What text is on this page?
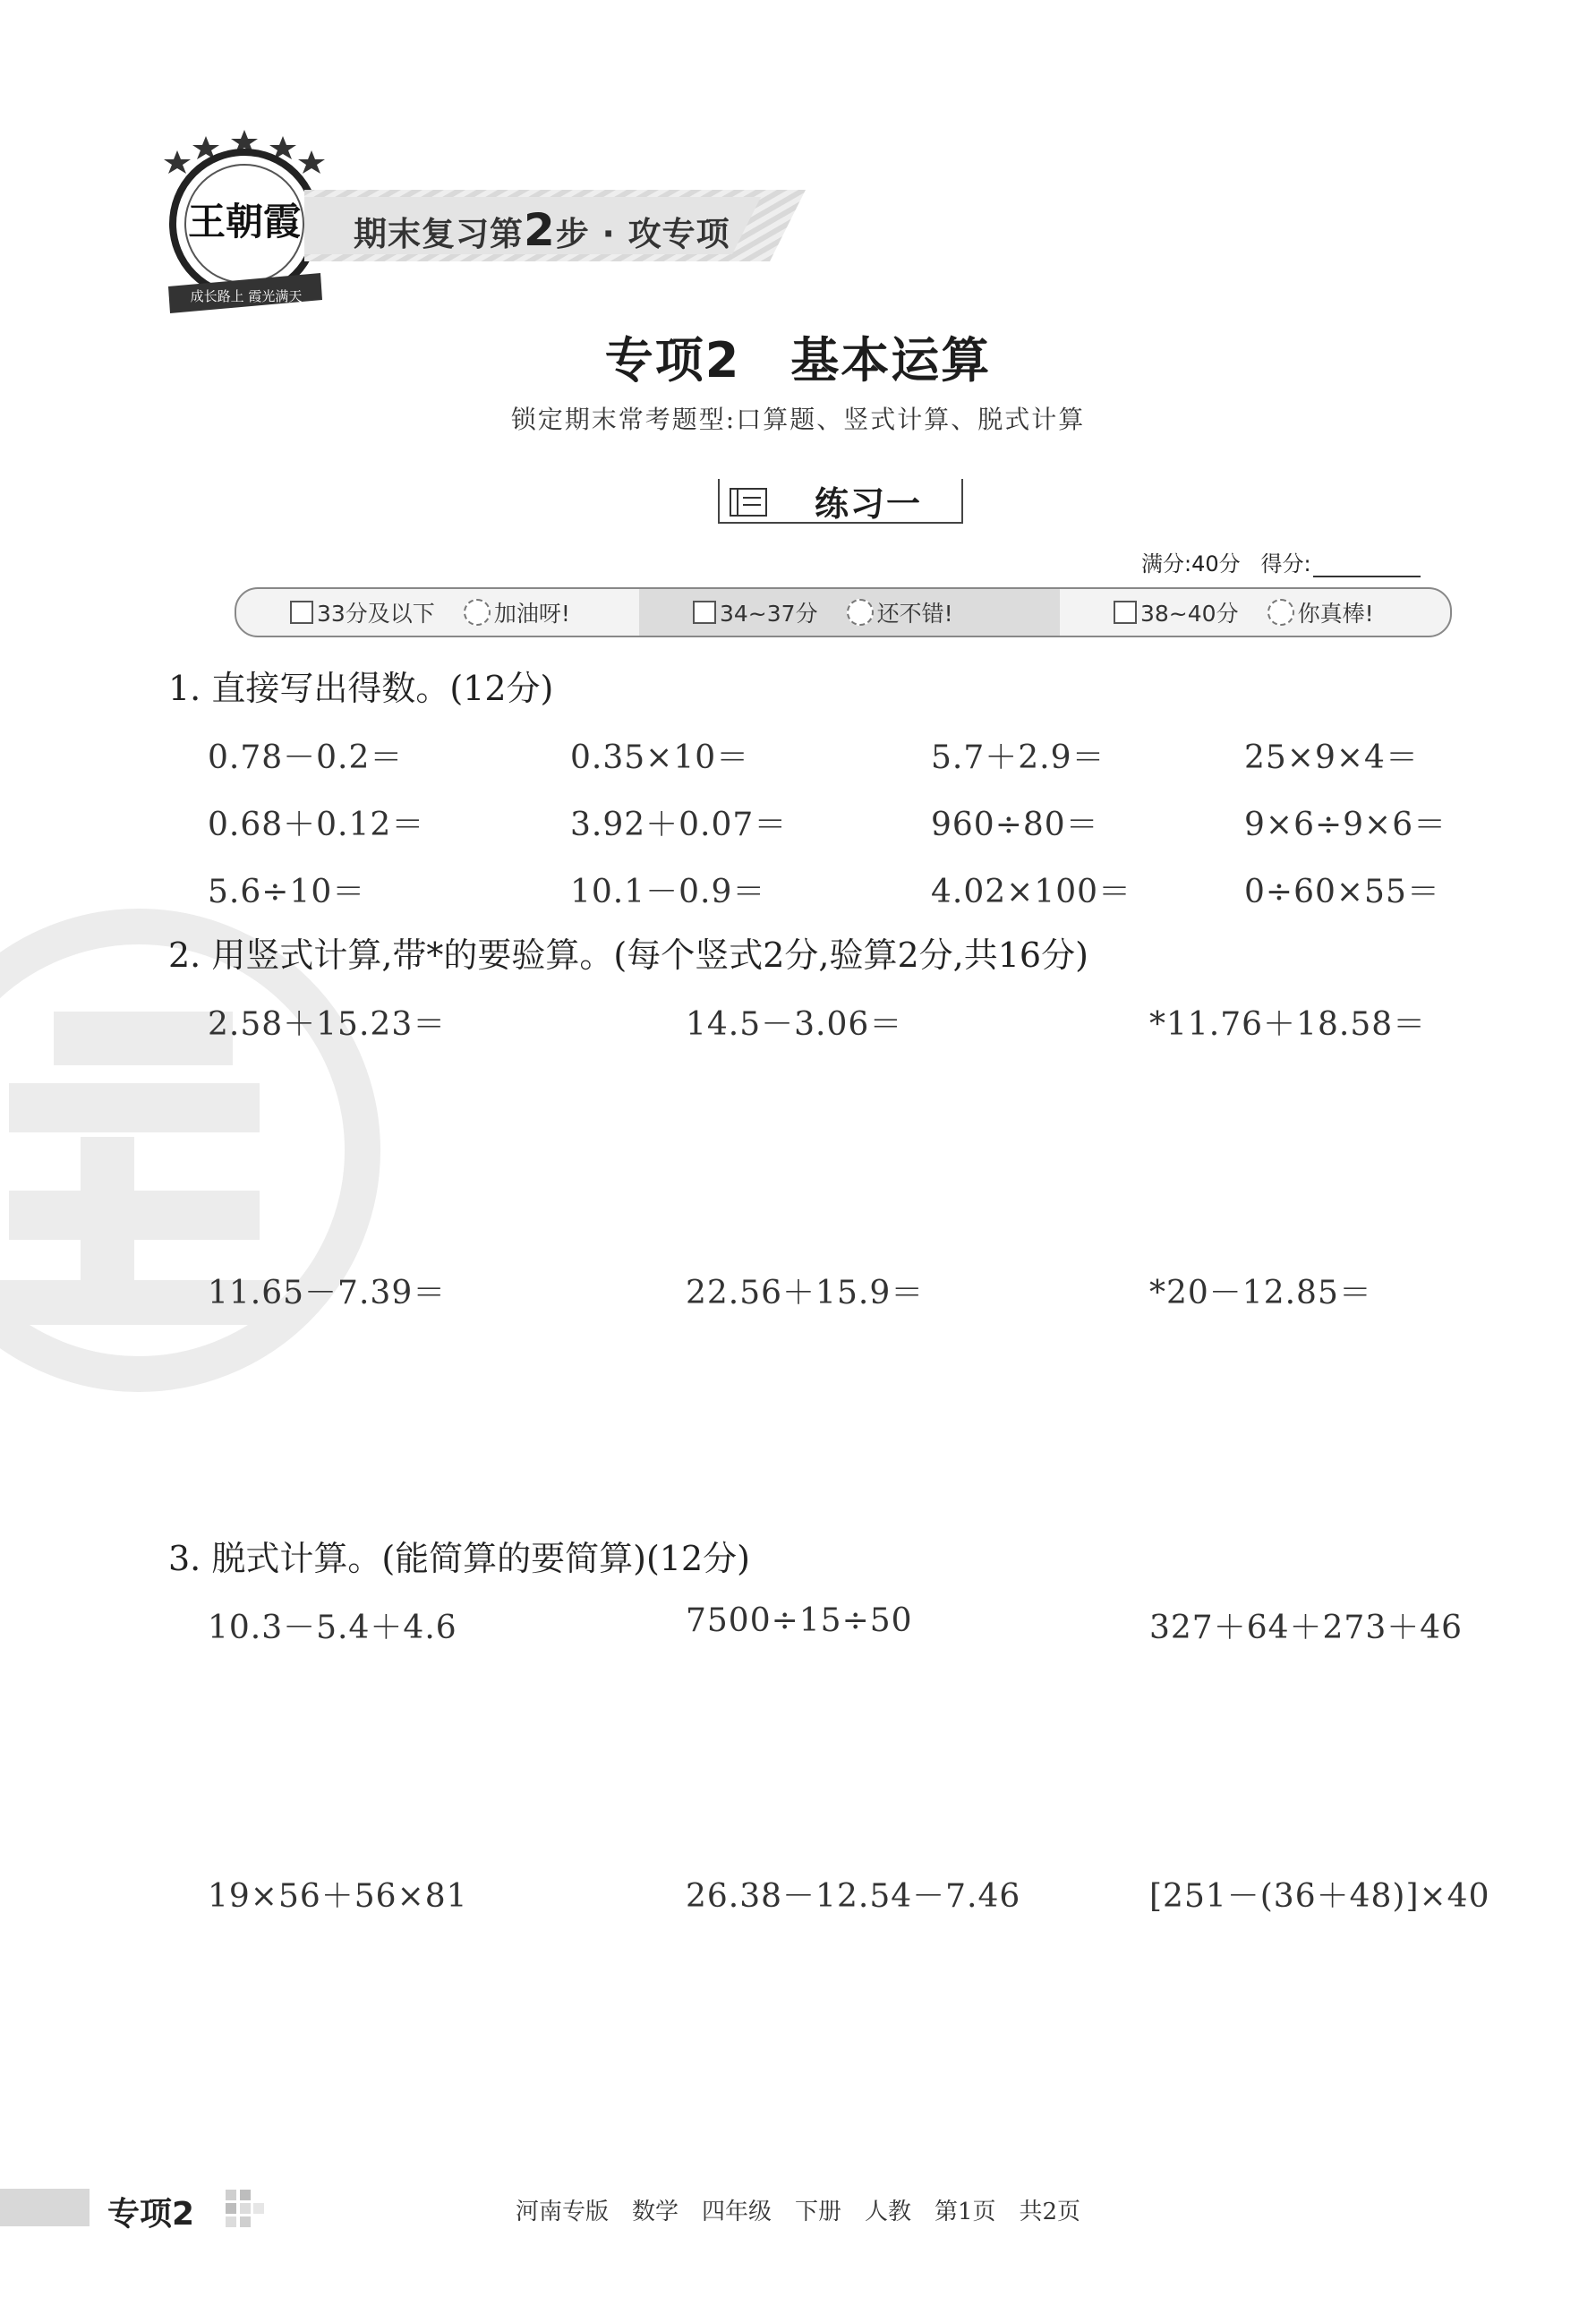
王朝霞
成长路上 霞光满天
期末复习第2步 · 攻专项
专项2　基本运算
锁定期末常考题型:口算题、竖式计算、脱式计算
练习一
满分:40分 得分:
33分及以下	加油呀!	34~37分	还不错!	38~40分	你真棒!
1. 直接写出得数。(12分)
0.78－0.2＝	0.35×10＝	5.7＋2.9＝	25×9×4＝
0.68＋0.12＝	3.92＋0.07＝	960÷80＝	9×6÷9×6＝
5.6÷10＝	10.1－0.9＝	4.02×100＝	0÷60×55＝
2. 用竖式计算,带*的要验算。(每个竖式2分,验算2分,共16分)
2.58＋15.23＝	14.5－3.06＝	*11.76＋18.58＝
11.65－7.39＝	22.56＋15.9＝	*20－12.85＝
3. 脱式计算。(能简算的要简算)(12分)
10.3－5.4＋4.6	7500÷15÷50	327＋64＋273＋46
19×56＋56×81	26.38－12.54－7.46	[251－(36＋48)]×40
专项2	河南专版　数学　四年级　下册　人教　第1页　共2页
